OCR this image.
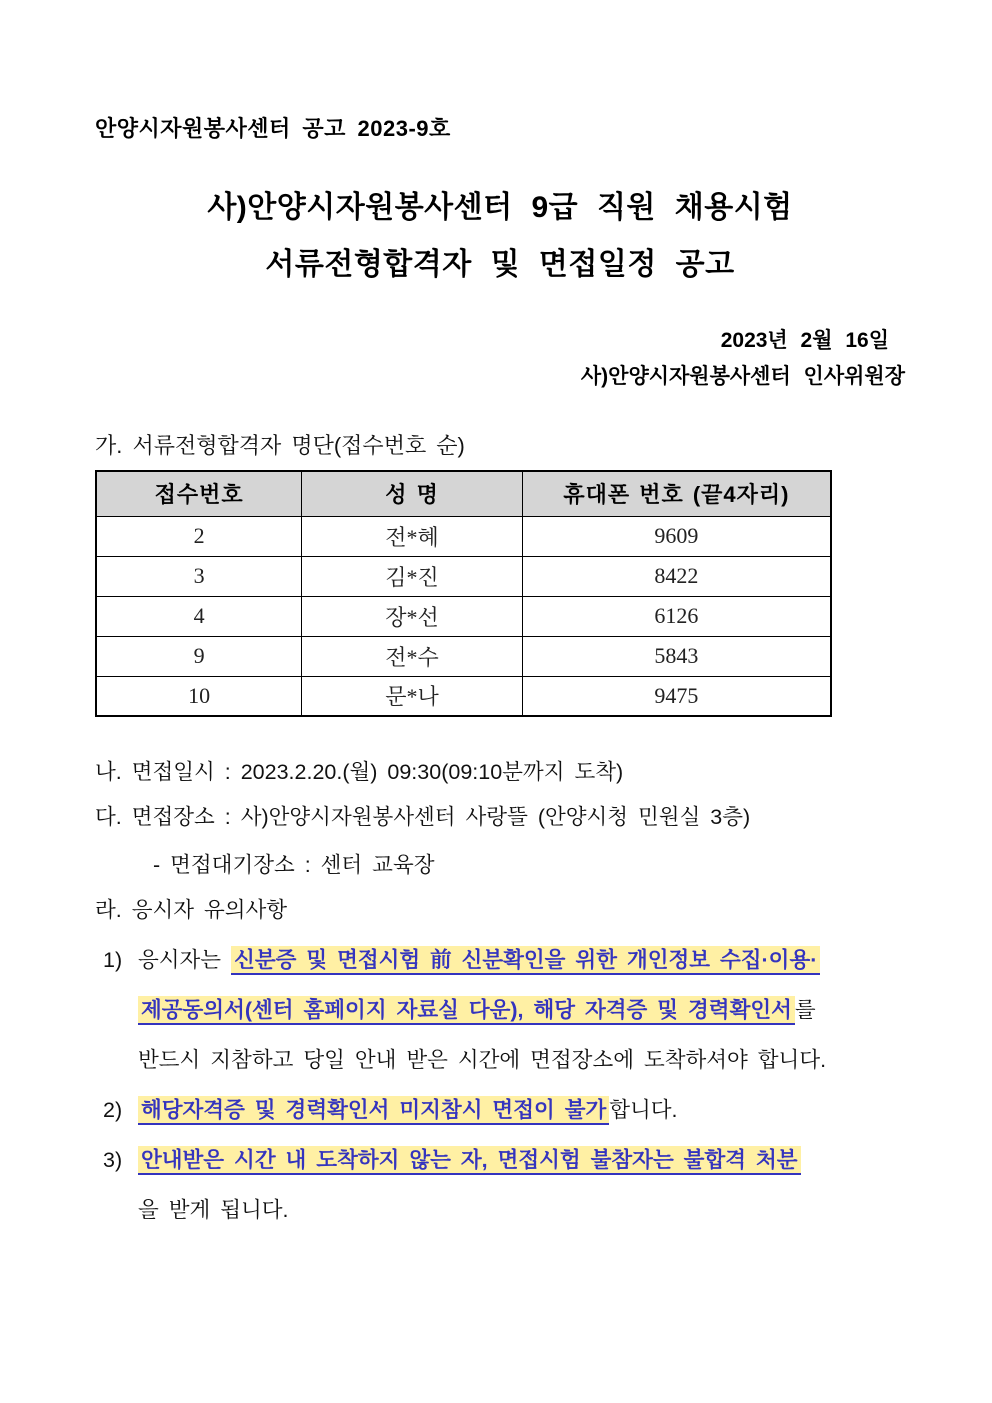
안양시자원봉사센터 공고 2023-9호
사)안양시자원봉사센터 9급 직원 채용시험
서류전형합격자 및 면접일정 공고
2023년 2월 16일
사)안양시자원봉사센터 인사위원장
가. 서류전형합격자 명단(접수번호 순)
접수번호	성 명	휴대폰 번호 (끝4자리)
2	전*혜	9609
3	김*진	8422
4	장*선	6126
9	전*수	5843
10	문*나	9475
나. 면접일시 : 2023.2.20.(월) 09:30(09:10분까지 도착)
다. 면접장소 : 사)안양시자원봉사센터 사랑뜰 (안양시청 민원실 3층)
- 면접대기장소 : 센터 교육장
라. 응시자 유의사항
1) 응시자는 신분증 및 면접시험 前 신분확인을 위한 개인정보 수집·이용·
제공동의서(센터 홈페이지 자료실 다운), 해당 자격증 및 경력확인서 를
반드시 지참하고 당일 안내 받은 시간에 면접장소에 도착하셔야 합니다.
2) 해당자격증 및 경력확인서 미지참시 면접이 불가 합니다.
3) 안내받은 시간 내 도착하지 않는 자, 면접시험 불참자는 불합격 처분
을 받게 됩니다.
